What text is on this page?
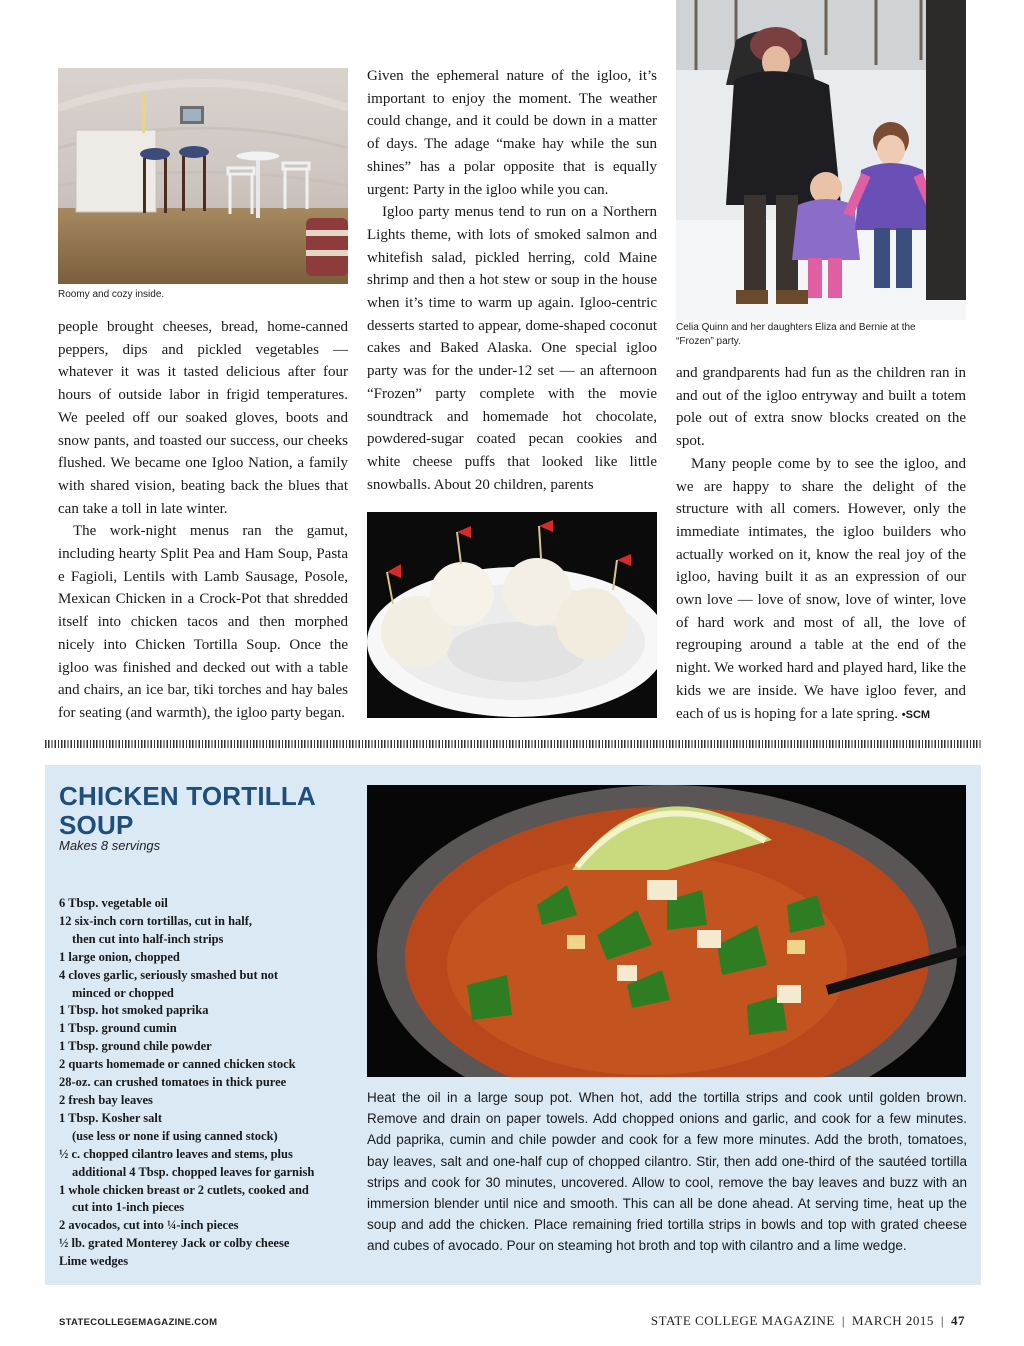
Roomy and cozy inside.
Celia Quinn and her daughters Eliza and Bernie at the “Frozen” party.

people brought cheeses, bread, home-canned peppers, dips and pickled vegetables — whatever it was it tasted delicious after four hours of outside labor in frigid temperatures. We peeled off our soaked gloves, boots and snow pants, and toasted our success, our cheeks flushed. We became one Igloo Nation, a family with shared vision, beating back the blues that can take a toll in late winter.

The work-night menus ran the gamut, including hearty Split Pea and Ham Soup, Pasta e Fagioli, Lentils with Lamb Sausage, Posole, Mexican Chicken in a Crock-Pot that shredded itself into chicken tacos and then morphed nicely into Chicken Tortilla Soup. Once the igloo was finished and decked out with a table and chairs, an ice bar, tiki torches and hay bales for seating (and warmth), the igloo party began.

Given the ephemeral nature of the igloo, it’s important to enjoy the moment. The weather could change, and it could be down in a matter of days. The adage “make hay while the sun shines” has a polar opposite that is equally urgent: Party in the igloo while you can.

Igloo party menus tend to run on a Northern Lights theme, with lots of smoked salmon and whitefish salad, pickled herring, cold Maine shrimp and then a hot stew or soup in the house when it’s time to warm up again. Igloo-centric desserts started to appear, dome-shaped coconut cakes and Baked Alaska. One special igloo party was for the under-12 set — an afternoon “Frozen” party complete with the movie soundtrack and homemade hot chocolate, powdered-sugar coated pecan cookies and white cheese puffs that looked like little snowballs. About 20 children, parents

and grandparents had fun as the children ran in and out of the igloo entryway and built a totem pole out of extra snow blocks created on the spot.

Many people come by to see the igloo, and we are happy to share the delight of the structure with all comers. However, only the immediate intimates, the igloo builders who actually worked on it, know the real joy of the igloo, having built it as an expression of our own love — love of snow, love of winter, love of hard work and most of all, the love of regrouping around a table at the end of the night. We worked hard and played hard, like the kids we are inside. We have igloo fever, and each of us is hoping for a late spring. •SCM

CHICKEN TORTILLA SOUP
Makes 8 servings
6 Tbsp. vegetable oil
12 six-inch corn tortillas, cut in half,
then cut into half-inch strips
1 large onion, chopped
4 cloves garlic, seriously smashed but not
minced or chopped
1 Tbsp. hot smoked paprika
1 Tbsp. ground cumin
1 Tbsp. ground chile powder
2 quarts homemade or canned chicken stock
28-oz. can crushed tomatoes in thick puree
2 fresh bay leaves
1 Tbsp. Kosher salt
(use less or none if using canned stock)
½ c. chopped cilantro leaves and stems, plus
additional 4 Tbsp. chopped leaves for garnish
1 whole chicken breast or 2 cutlets, cooked and
cut into 1-inch pieces
2 avocados, cut into ¼-inch pieces
½ lb. grated Monterey Jack or colby cheese
Lime wedges
Heat the oil in a large soup pot. When hot, add the tortilla strips and cook until golden brown. Remove and drain on paper towels. Add chopped onions and garlic, and cook for a few minutes. Add paprika, cumin and chile powder and cook for a few more minutes. Add the broth, tomatoes, bay leaves, salt and one-half cup of chopped cilantro. Stir, then add one-third of the sautéed tortilla strips and cook for 30 minutes, uncovered. Allow to cool, remove the bay leaves and buzz with an immersion blender until nice and smooth. This can all be done ahead. At serving time, heat up the soup and add the chicken. Place remaining fried tortilla strips in bowls and top with grated cheese and cubes of avocado. Pour on steaming hot broth and top with cilantro and a lime wedge.
STATECOLLEGEMAGAZINE.COM	STATE COLLEGE MAGAZINE | MARCH 2015 | 47
